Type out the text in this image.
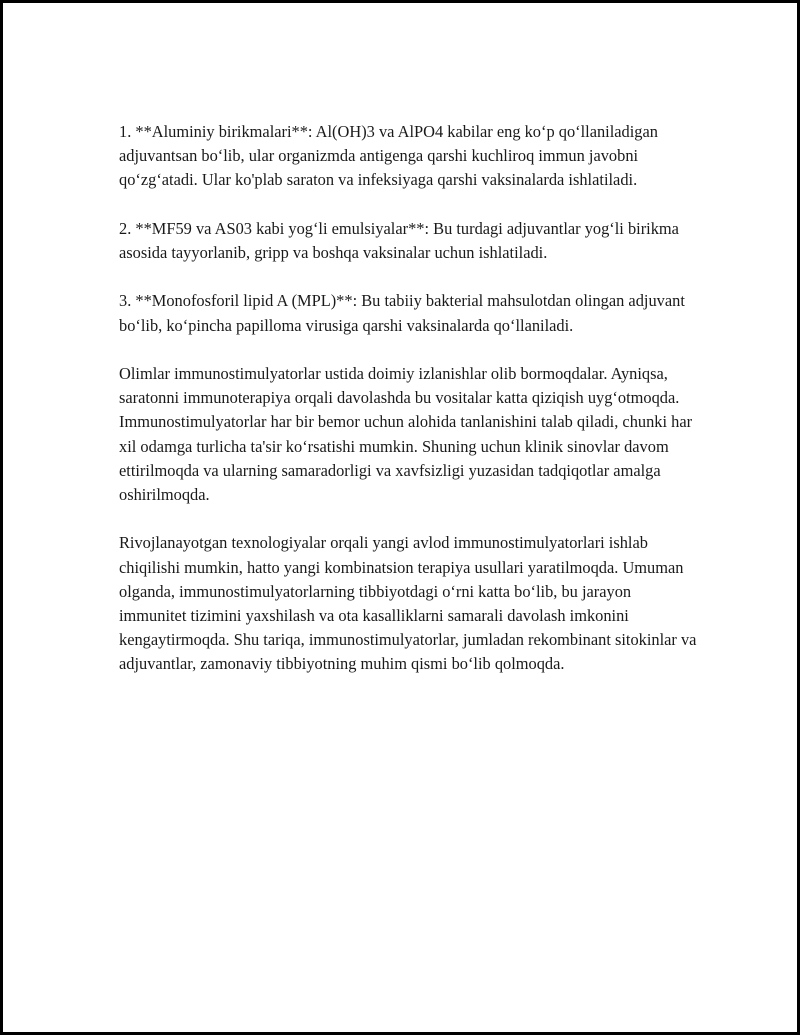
1. **Aluminiy birikmalari**: Al(OH)3 va AlPO4 kabilar eng ko‘p qo‘llaniladigan adjuvantsan bo‘lib, ular organizmda antigenga qarshi kuchliroq immun javobni qo‘zg‘atadi. Ular ko'plab saraton va infeksiyaga qarshi vaksinalarda ishlatiladi.

2. **MF59 va AS03 kabi yog‘li emulsiyalar**: Bu turdagi adjuvantlar yog‘li birikma asosida tayyorlanib, gripp va boshqa vaksinalar uchun ishlatiladi.

3. **Monofosforil lipid A (MPL)**: Bu tabiiy bakterial mahsulotdan olingan adjuvant bo‘lib, ko‘pincha papilloma virusiga qarshi vaksinalarda qo‘llaniladi.

Olimlar immunostimulyatorlar ustida doimiy izlanishlar olib bormoqdalar. Ayniqsa, saratonni immunoterapiya orqali davolashda bu vositalar katta qiziqish uyg‘otmoqda. Immunostimulyatorlar har bir bemor uchun alohida tanlanishini talab qiladi, chunki har xil odamga turlicha ta'sir ko‘rsatishi mumkin. Shuning uchun klinik sinovlar davom ettirilmoqda va ularning samaradorligi va xavfsizligi yuzasidan tadqiqotlar amalga oshirilmoqda.

Rivojlanayotgan texnologiyalar orqali yangi avlod immunostimulyatorlari ishlab chiqilishi mumkin, hatto yangi kombinatsion terapiya usullari yaratilmoqda. Umuman olganda, immunostimulyatorlarning tibbiyotdagi o‘rni katta bo‘lib, bu jarayon immunitet tizimini yaxshilash va ota kasalliklarni samarali davolash imkonini kengaytirmoqda. Shu tariqa, immunostimulyatorlar, jumladan rekombinant sitokinlar va adjuvantlar, zamonaviy tibbiyotning muhim qismi bo‘lib qolmoqda.
